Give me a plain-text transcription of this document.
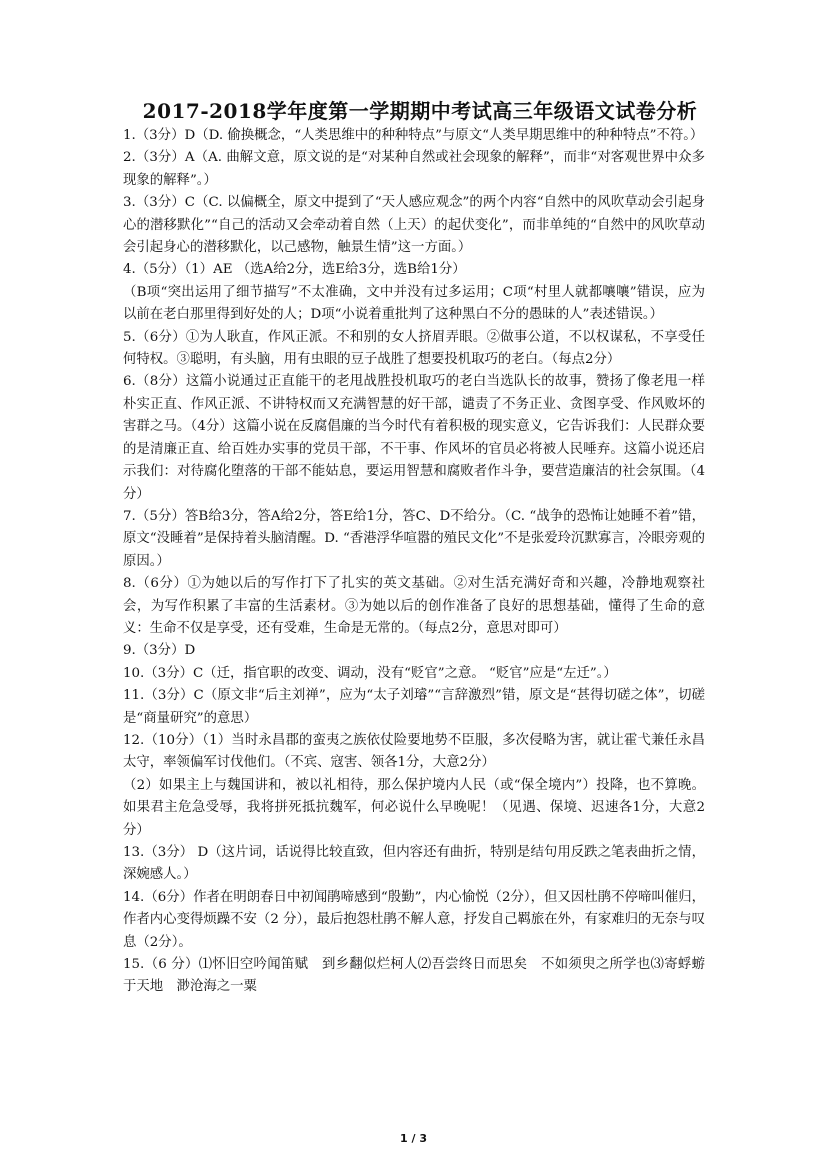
2017-2018学年度第一学期期中考试高三年级语文试卷分析

1.（3分）D（D. 偷换概念，“人类思维中的种种特点”与原文“人类早期思维中的种种特点”不符。）

2.（3分）A（A. 曲解文意，原文说的是“对某种自然或社会现象的解释”，而非“对客观世界中众多现象的解释”。）

3.（3分）C（C. 以偏概全，原文中提到了“天人感应观念”的两个内容“自然中的风吹草动会引起身心的潜移默化”“自己的活动又会牵动着自然（上天）的起伏变化”，而非单纯的“自然中的风吹草动会引起身心的潜移默化，以己感物，触景生情”这一方面。）

4.（5分）（1）AE （选A给2分，选E给3分，选B给1分）

（B项“突出运用了细节描写”不太准确，文中并没有过多运用；C项“村里人就都嚷嚷”错误，应为以前在老白那里得到好处的人；D项“小说着重批判了这种黑白不分的愚昧的人”表述错误。）

5.（6分）①为人耿直，作风正派。不和别的女人挤眉弄眼。②做事公道，不以权谋私，不享受任何特权。③聪明，有头脑，用有虫眼的豆子战胜了想要投机取巧的老白。（每点2分）

6.（8分）这篇小说通过正直能干的老甩战胜投机取巧的老白当选队长的故事，赞扬了像老甩一样朴实正直、作风正派、不讲特权而又充满智慧的好干部，谴责了不务正业、贪图享受、作风败坏的害群之马。（4分）这篇小说在反腐倡廉的当今时代有着积极的现实意义，它告诉我们：人民群众要的是清廉正直、给百姓办实事的党员干部，不干事、作风坏的官员必将被人民唾弃。这篇小说还启示我们：对待腐化堕落的干部不能姑息，要运用智慧和腐败者作斗争，要营造廉洁的社会氛围。（4分）

7.（5分）答B给3分，答A给2分，答E给1分，答C、D不给分。（C. “战争的恐怖让她睡不着”错，原文“没睡着”是保持着头脑清醒。D. “香港浮华喧嚣的殖民文化”不是张爱玲沉默寡言，冷眼旁观的原因。）

8.（6分）①为她以后的写作打下了扎实的英文基础。②对生活充满好奇和兴趣，冷静地观察社会，为写作积累了丰富的生活素材。③为她以后的创作准备了良好的思想基础，懂得了生命的意义：生命不仅是享受，还有受难，生命是无常的。（每点2分，意思对即可）

9.（3分）D

10.（3分）C（迁，指官职的改变、调动，没有“贬官”之意。 “贬官”应是“左迁”。）

11.（3分）C（原文非“后主刘禅”，应为“太子刘璿”“言辞激烈”错，原文是“甚得切磋之体”，切磋是“商量研究”的意思）

12.（10分）（1）当时永昌郡的蛮夷之族依仗险要地势不臣服，多次侵略为害，就让霍弋兼任永昌太守，率领偏军讨伐他们。（不宾、寇害、领各1分，大意2分）

（2）如果主上与魏国讲和，被以礼相待，那么保护境内人民（或“保全境内”）投降，也不算晚。如果君主危急受辱，我将拼死抵抗魏军，何必说什么早晚呢！（见遇、保境、迟速各1分，大意2分）

13.（3分） D（这片词，话说得比较直致，但内容还有曲折，特别是结句用反跌之笔表曲折之情，深婉感人。）

14.（6分）作者在明朗春日中初闻鹃啼感到“殷勤”，内心愉悦（2分），但又因杜鹃不停啼叫催归，作者内心变得烦躁不安（2 分），最后抱怨杜鹃不解人意，抒发自己羁旅在外，有家难归的无奈与叹息（2分）。

15.（6 分）⑴怀旧空吟闻笛赋　到乡翻似烂柯人⑵吾尝终日而思矣　不如须臾之所学也⑶寄蜉蝣于天地　渺沧海之一粟

1 / 3
